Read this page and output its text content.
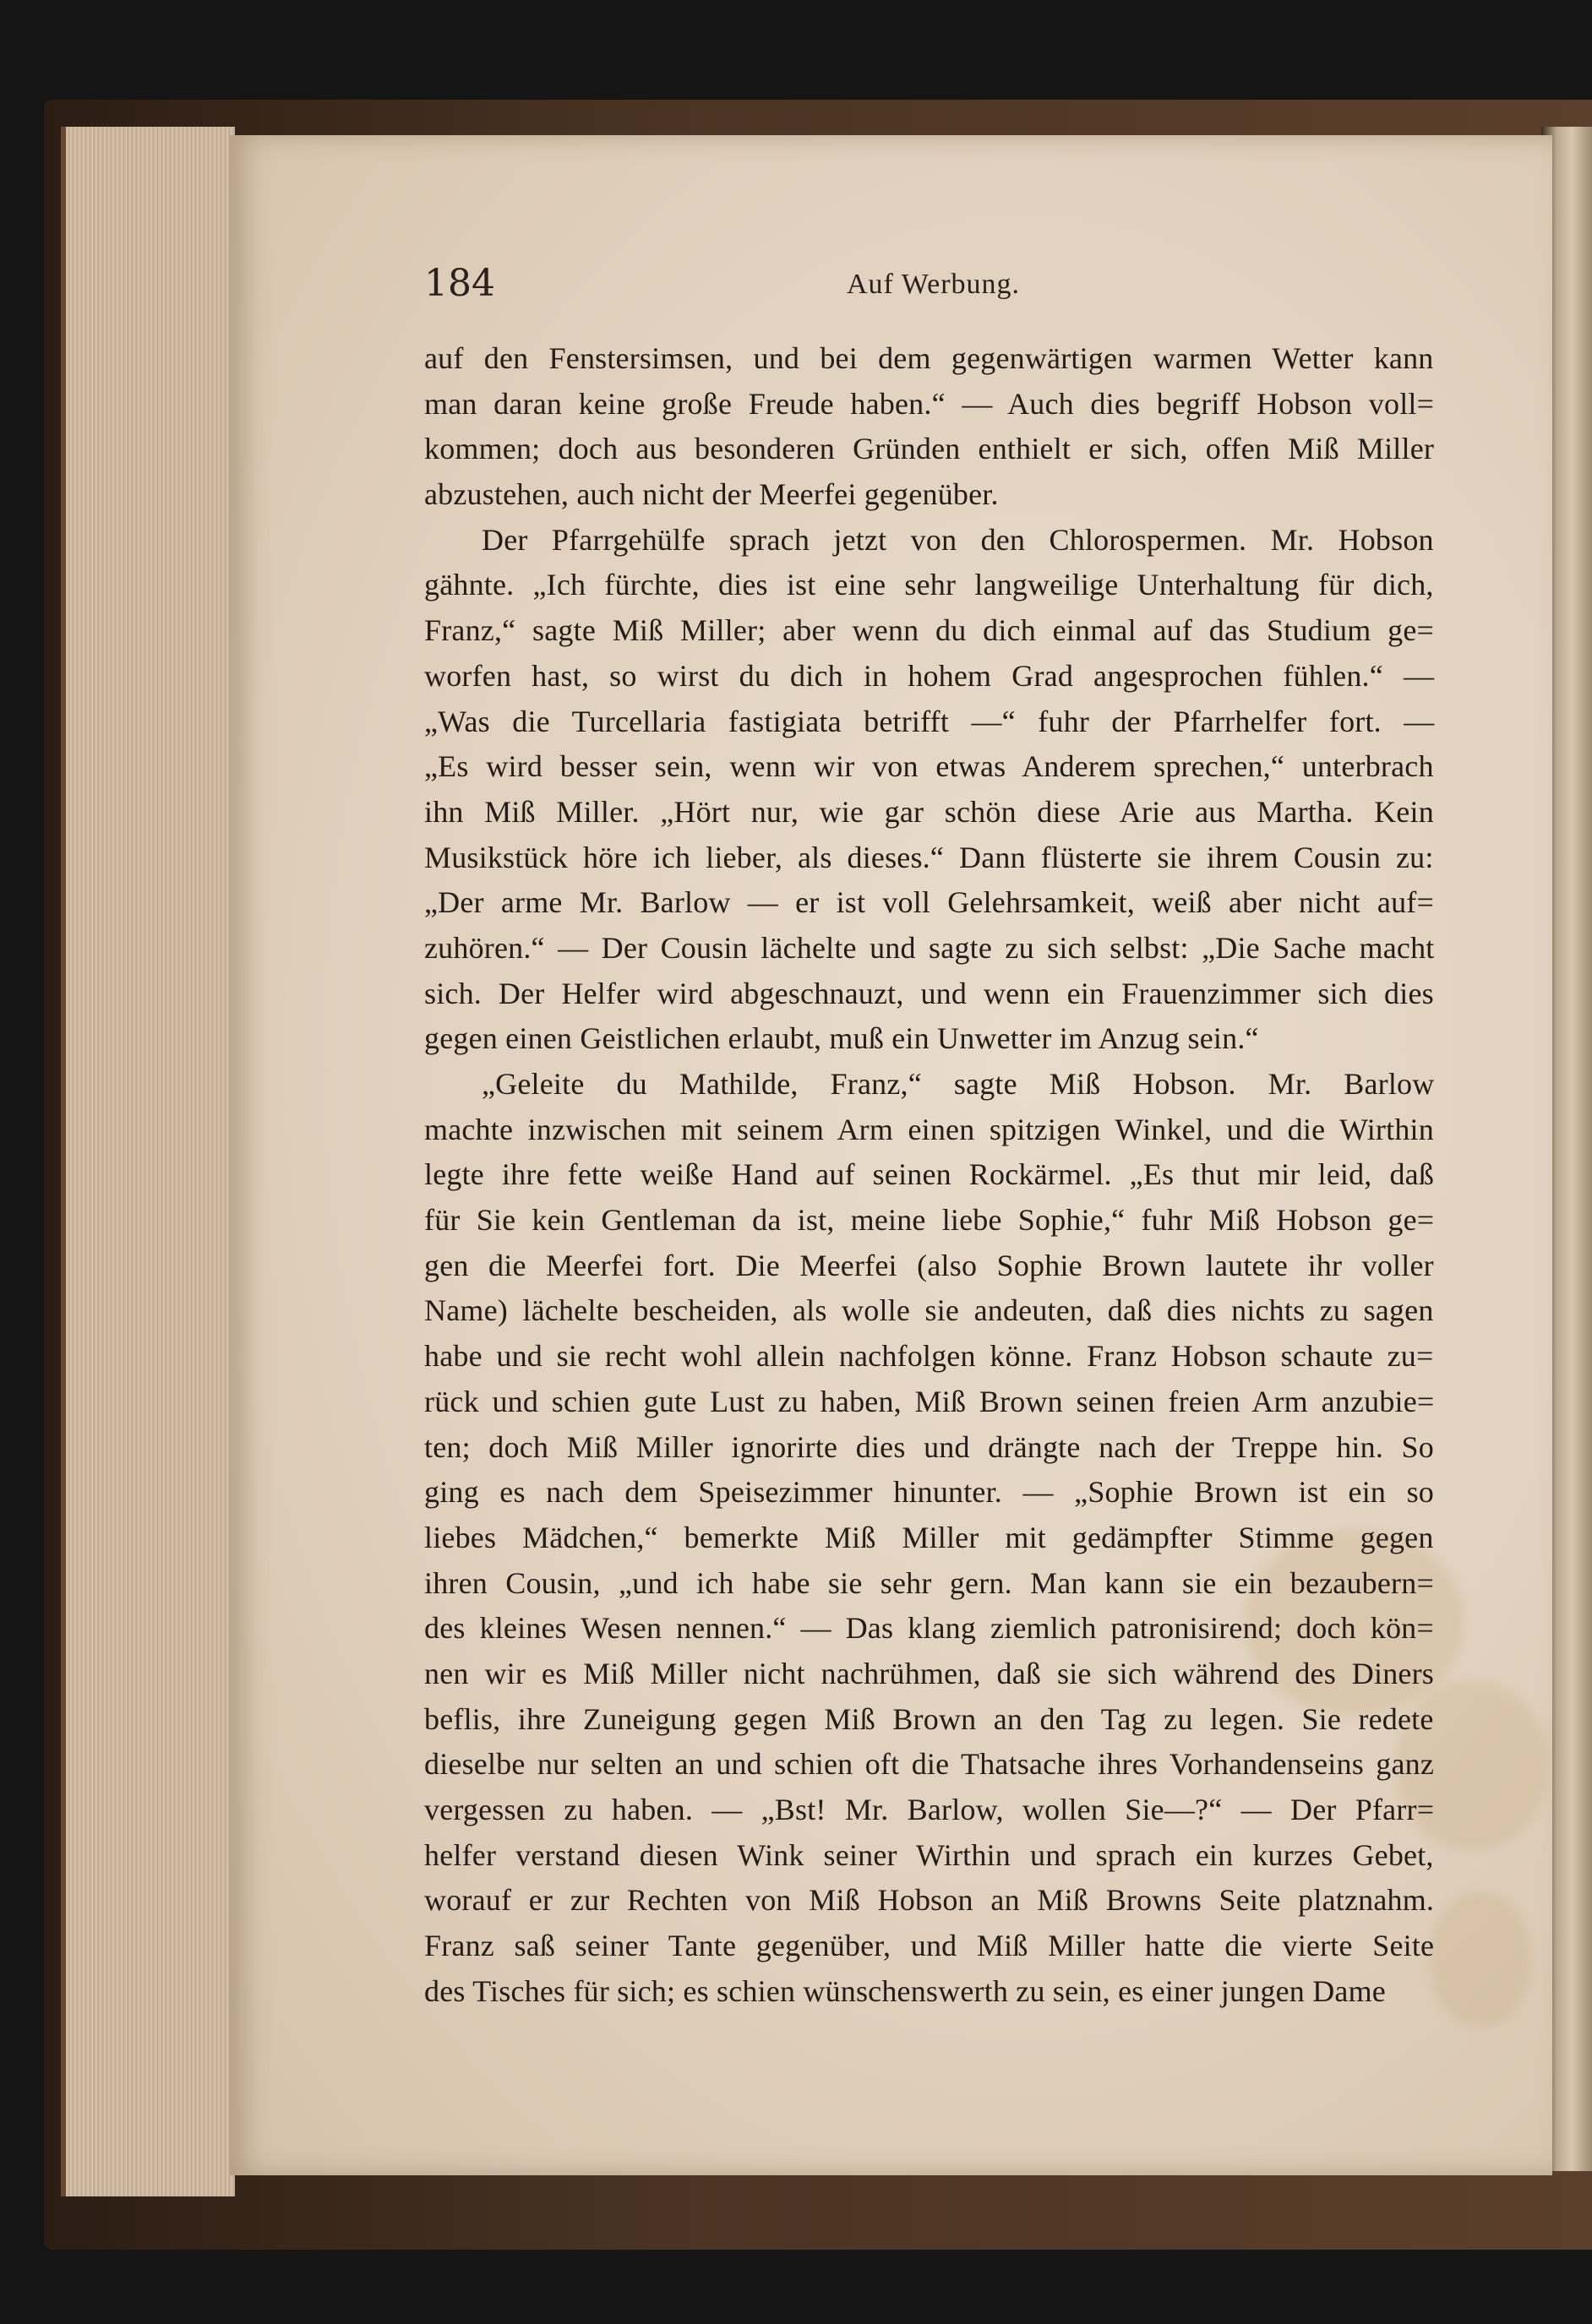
184	Auf Werbung.
auf den Fenstersimsen, und bei dem gegenwärtigen warmen Wetter kann
man daran keine große Freude haben.“ — Auch dies begriff Hobson voll=
kommen; doch aus besonderen Gründen enthielt er sich, offen Miß Miller
abzustehen, auch nicht der Meerfei gegenüber.
Der Pfarrgehülfe sprach jetzt von den Chlorospermen. Mr. Hobson
gähnte. „Ich fürchte, dies ist eine sehr langweilige Unterhaltung für dich,
Franz,“ sagte Miß Miller; aber wenn du dich einmal auf das Studium ge=
worfen hast, so wirst du dich in hohem Grad angesprochen fühlen.“ —
„Was die Turcellaria fastigiata betrifft —“ fuhr der Pfarrhelfer fort. —
„Es wird besser sein, wenn wir von etwas Anderem sprechen,“ unterbrach
ihn Miß Miller. „Hört nur, wie gar schön diese Arie aus Martha. Kein
Musikstück höre ich lieber, als dieses.“ Dann flüsterte sie ihrem Cousin zu:
„Der arme Mr. Barlow — er ist voll Gelehrsamkeit, weiß aber nicht auf=
zuhören.“ — Der Cousin lächelte und sagte zu sich selbst: „Die Sache macht
sich. Der Helfer wird abgeschnauzt, und wenn ein Frauenzimmer sich dies
gegen einen Geistlichen erlaubt, muß ein Unwetter im Anzug sein.“
„Geleite du Mathilde, Franz,“ sagte Miß Hobson. Mr. Barlow
machte inzwischen mit seinem Arm einen spitzigen Winkel, und die Wirthin
legte ihre fette weiße Hand auf seinen Rockärmel. „Es thut mir leid, daß
für Sie kein Gentleman da ist, meine liebe Sophie,“ fuhr Miß Hobson ge=
gen die Meerfei fort. Die Meerfei (also Sophie Brown lautete ihr voller
Name) lächelte bescheiden, als wolle sie andeuten, daß dies nichts zu sagen
habe und sie recht wohl allein nachfolgen könne. Franz Hobson schaute zu=
rück und schien gute Lust zu haben, Miß Brown seinen freien Arm anzubie=
ten; doch Miß Miller ignorirte dies und drängte nach der Treppe hin. So
ging es nach dem Speisezimmer hinunter. — „Sophie Brown ist ein so
liebes Mädchen,“ bemerkte Miß Miller mit gedämpfter Stimme gegen
ihren Cousin, „und ich habe sie sehr gern. Man kann sie ein bezaubern=
des kleines Wesen nennen.“ — Das klang ziemlich patronisirend; doch kön=
nen wir es Miß Miller nicht nachrühmen, daß sie sich während des Diners
beflis, ihre Zuneigung gegen Miß Brown an den Tag zu legen. Sie redete
dieselbe nur selten an und schien oft die Thatsache ihres Vorhandenseins ganz
vergessen zu haben. — „Bst! Mr. Barlow, wollen Sie—?“ — Der Pfarr=
helfer verstand diesen Wink seiner Wirthin und sprach ein kurzes Gebet,
worauf er zur Rechten von Miß Hobson an Miß Browns Seite platznahm.
Franz saß seiner Tante gegenüber, und Miß Miller hatte die vierte Seite
des Tisches für sich; es schien wünschenswerth zu sein, es einer jungen Dame
